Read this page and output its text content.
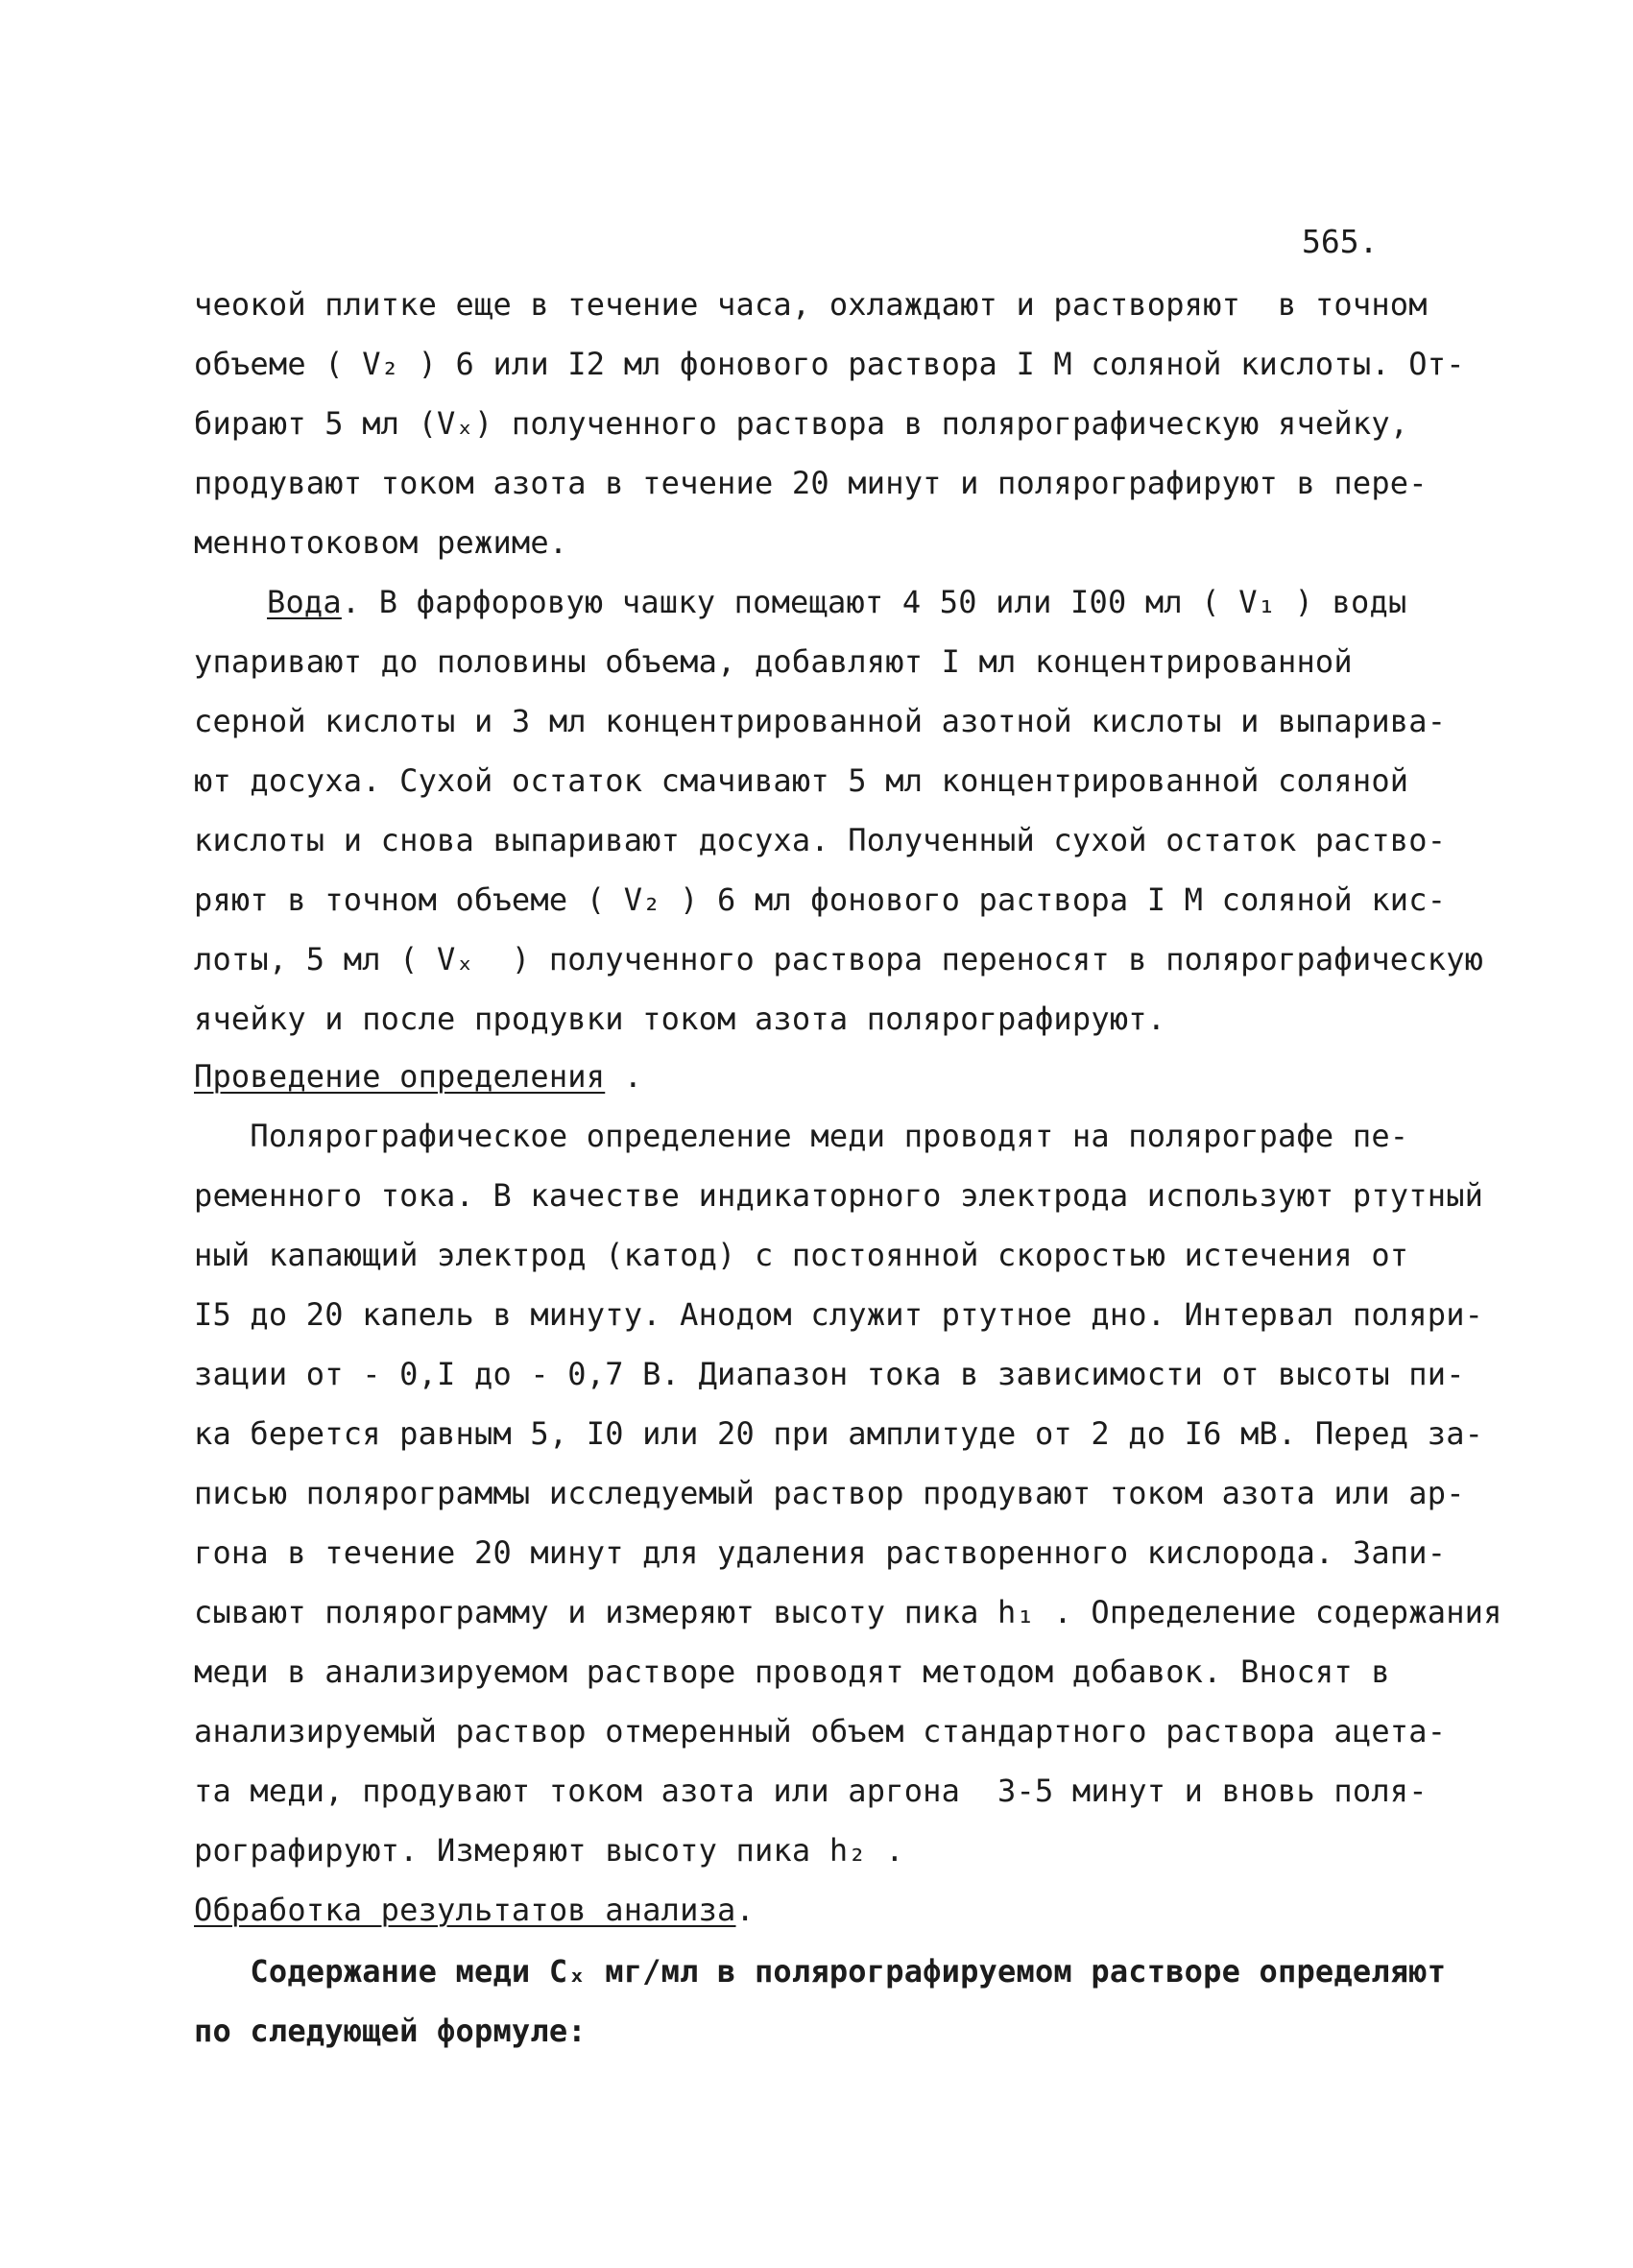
565.
чеокой плитке еще в течение часа, охлаждают и растворяют  в точном
объеме ( V₂ ) 6 или I2 мл фонового раствора I M соляной кислоты. От-
бирают 5 мл (Vₓ) полученного раствора в полярографическую ячейку,
продувают током азота в течение 20 минут и полярографируют в пере-
меннотоковом режиме.
Вода. В фарфоровую чашку помещают 4 50 или I00 мл ( V₁ ) воды
упаривают до половины объема, добавляют I мл концентрированной
серной кислоты и 3 мл концентрированной азотной кислоты и выпарива-
ют досуха. Сухой остаток смачивают 5 мл концентрированной соляной
кислоты и снова выпаривают досуха. Полученный сухой остаток раство-
ряют в точном объеме ( V₂ ) 6 мл фонового раствора I M соляной кис-
лоты, 5 мл ( Vₓ  ) полученного раствора переносят в полярографическую
ячейку и после продувки током азота полярографируют.
Проведение определения .
Полярографическое определение меди проводят на полярографе пе-
ременного тока. В качестве индикаторного электрода используют ртутный
ный капающий электрод (катод) с постоянной скоростью истечения от
I5 до 20 капель в минуту. Анодом служит ртутное дно. Интервал поляри-
зации от - 0,I до - 0,7 В. Диапазон тока в зависимости от высоты пи-
ка берется равным 5, I0 или 20 при амплитуде от 2 до I6 мВ. Перед за-
писью полярограммы исследуемый раствор продувают током азота или ар-
гона в течение 20 минут для удаления растворенного кислорода. Запи-
сывают полярограмму и измеряют высоту пика h₁ . Определение содержания
меди в анализируемом растворе проводят методом добавок. Вносят в
анализируемый раствор отмеренный объем стандартного раствора ацета-
та меди, продувают током азота или аргона  3-5 минут и вновь поля-
рографируют. Измеряют высоту пика h₂ .
Обработка результатов анализа.
Содержание меди Cₓ мг/мл в полярографируемом растворе определяют
по следующей формуле:
